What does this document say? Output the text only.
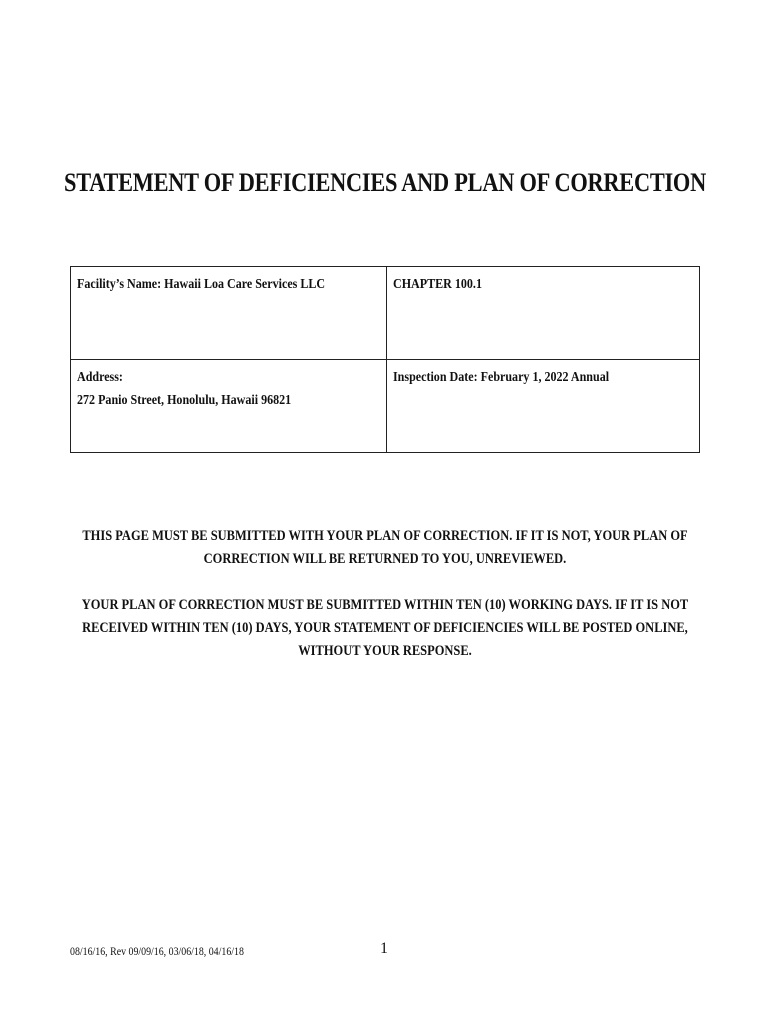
STATEMENT OF DEFICIENCIES AND PLAN OF CORRECTION
Facility’s Name: Hawaii Loa Care Services LLC	CHAPTER 100.1
Address:
272 Panio Street, Honolulu, Hawaii 96821	Inspection Date: February 1, 2022 Annual
THIS PAGE MUST BE SUBMITTED WITH YOUR PLAN OF CORRECTION. IF IT IS NOT, YOUR PLAN OF CORRECTION WILL BE RETURNED TO YOU, UNREVIEWED.
YOUR PLAN OF CORRECTION MUST BE SUBMITTED WITHIN TEN (10) WORKING DAYS. IF IT IS NOT RECEIVED WITHIN TEN (10) DAYS, YOUR STATEMENT OF DEFICIENCIES WILL BE POSTED ONLINE, WITHOUT YOUR RESPONSE.
08/16/16, Rev 09/09/16, 03/06/18, 04/16/18	1
